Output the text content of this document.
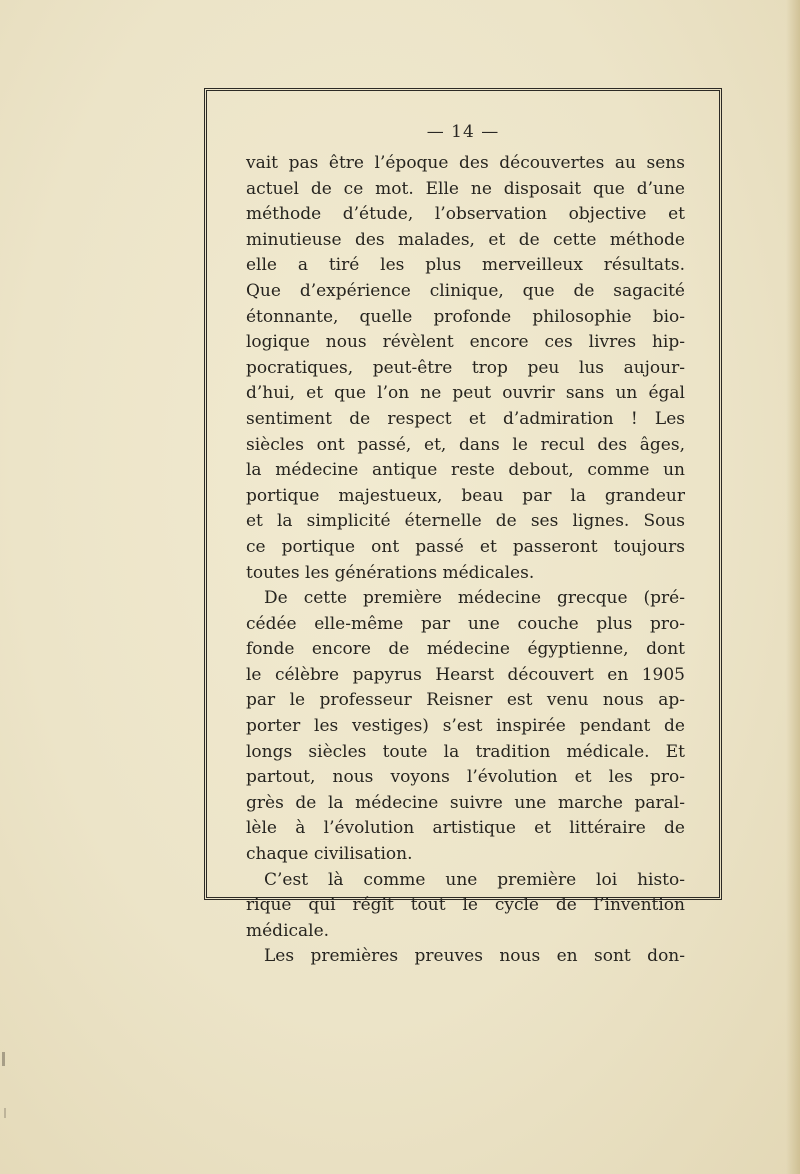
— 14 —
vait pas être l’époque des découvertes au sens
actuel de ce mot. Elle ne disposait que d’une
méthode d’étude, l’observation objective et
minutieuse des malades, et de cette méthode
elle a tiré les plus merveilleux résultats.
Que d’expérience clinique, que de sagacité
étonnante, quelle profonde philosophie bio-
logique nous révèlent encore ces livres hip-
pocratiques, peut-être trop peu lus aujour-
d’hui, et que l’on ne peut ouvrir sans un égal
sentiment de respect et d’admiration ! Les
siècles ont passé, et, dans le recul des âges,
la médecine antique reste debout, comme un
portique majestueux, beau par la grandeur
et la simplicité éternelle de ses lignes. Sous
ce portique ont passé et passeront toujours
toutes les générations médicales.
De cette première médecine grecque (pré-
cédée elle-même par une couche plus pro-
fonde encore de médecine égyptienne, dont
le célèbre papyrus Hearst découvert en 1905
par le professeur Reisner est venu nous ap-
porter les vestiges) s’est inspirée pendant de
longs siècles toute la tradition médicale. Et
partout, nous voyons l’évolution et les pro-
grès de la médecine suivre une marche paral-
lèle à l’évolution artistique et littéraire de
chaque civilisation.
C’est là comme une première loi histo-
rique qui régit tout le cycle de l’invention
médicale.
Les premières preuves nous en sont don-
